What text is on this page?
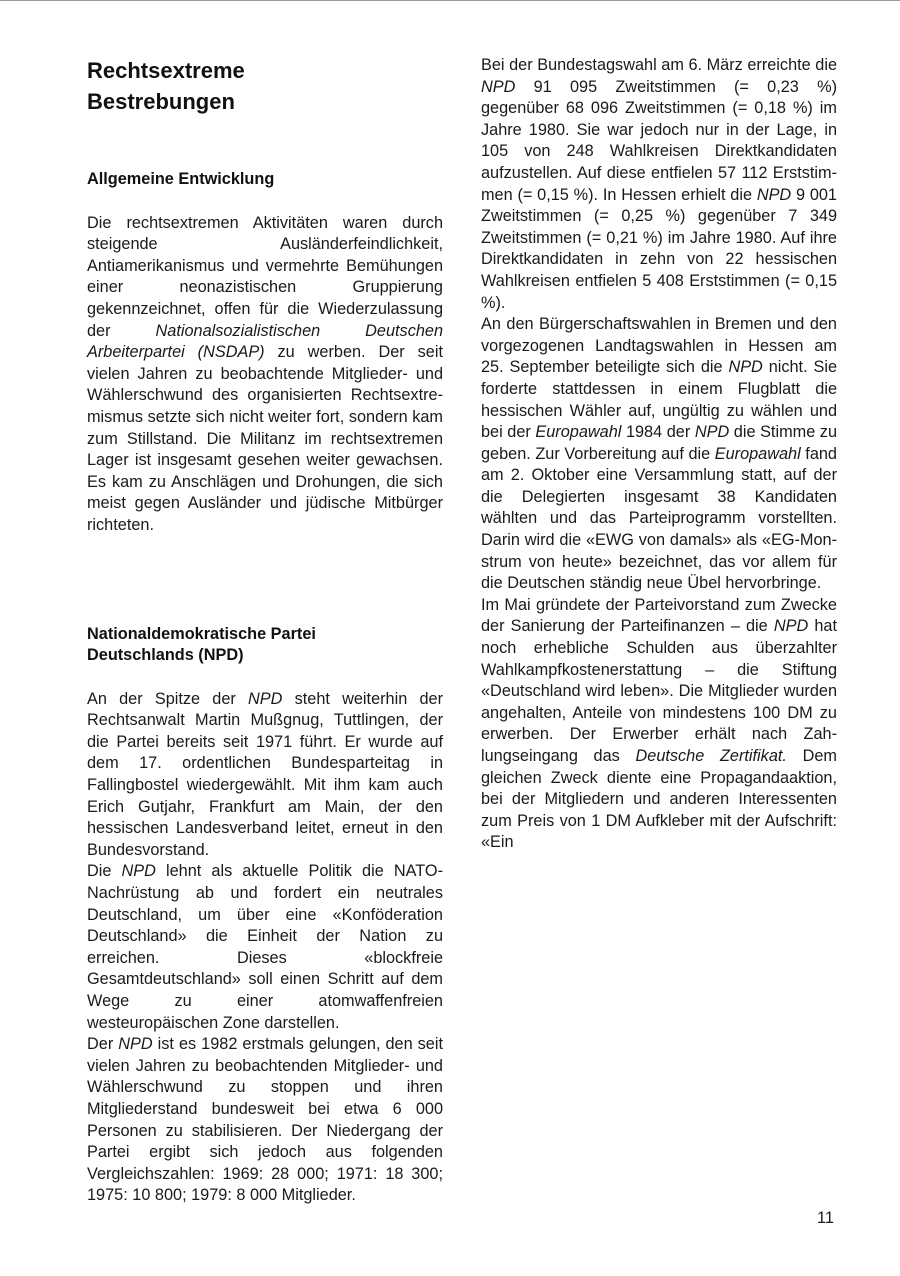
Rechtsextreme
Bestrebungen
Allgemeine Entwicklung

Die rechtsextremen Aktivitäten waren durch steigende Ausländerfeindlichkeit, Antiamerikanismus und vermehrte Bemühungen einer neonazistischen Gruppierung gekennzeichnet, offen für die Wiederzulassung der Nationalsozialistischen Deutschen Arbeiterpartei (NSDAP) zu werben. Der seit vielen Jahren zu beobachtende Mitglieder- und Wählerschwund des organisierten Rechtsextremismus setzte sich nicht weiter fort, sondern kam zum Stillstand. Die Militanz im rechtsextremen Lager ist insgesamt gesehen weiter gewachsen. Es kam zu Anschlägen und Drohungen, die sich meist gegen Ausländer und jüdische Mitbürger richteten.

Nationaldemokratische Partei
Deutschlands (NPD)

An der Spitze der NPD steht weiterhin der Rechtsanwalt Martin Mußgnug, Tuttlingen, der die Partei bereits seit 1971 führt. Er wurde auf dem 17. ordentlichen Bundesparteitag in Fallingbostel wiedergewählt. Mit ihm kam auch Erich Gutjahr, Frankfurt am Main, der den hessischen Landesverband leitet, erneut in den Bundesvorstand.

Die NPD lehnt als aktuelle Politik die NATO-Nachrüstung ab und fordert ein neutrales Deutschland, um über eine «Konföderation Deutschland» die Einheit der Nation zu erreichen. Dieses «blockfreie Gesamtdeutschland» soll einen Schritt auf dem Wege zu einer atomwaffenfreien westeuropäischen Zone darstellen.

Der NPD ist es 1982 erstmals gelungen, den seit vielen Jahren zu beobachtenden Mitglieder- und Wählerschwund zu stoppen und ihren Mitgliederstand bundesweit bei etwa 6 000 Personen zu stabilisieren. Der Niedergang der Partei ergibt sich jedoch aus folgenden Vergleichszahlen: 1969: 28 000; 1971: 18 300; 1975: 10 800; 1979: 8 000 Mitglieder.

Bei der Bundestagswahl am 6. März erreichte die NPD 91 095 Zweitstimmen (= 0,23 %) gegenüber 68 096 Zweitstimmen (= 0,18 %) im Jahre 1980. Sie war jedoch nur in der Lage, in 105 von 248 Wahlkreisen Direktkandidaten aufzustellen. Auf diese entfielen 57 112 Erststimmen (= 0,15 %). In Hessen erhielt die NPD 9 001 Zweitstimmen (= 0,25 %) gegenüber 7 349 Zweitstimmen (= 0,21 %) im Jahre 1980. Auf ihre Direktkandidaten in zehn von 22 hessischen Wahlkreisen entfielen 5 408 Erststimmen (= 0,15 %).

An den Bürgerschaftswahlen in Bremen und den vorgezogenen Landtagswahlen in Hessen am 25. September beteiligte sich die NPD nicht. Sie forderte stattdessen in einem Flugblatt die hessischen Wähler auf, ungültig zu wählen und bei der Europawahl 1984 der NPD die Stimme zu geben. Zur Vorbereitung auf die Europawahl fand am 2. Oktober eine Versammlung statt, auf der die Delegierten insgesamt 38 Kandidaten wählten und das Parteiprogramm vorstellten. Darin wird die «EWG von damals» als «EG-Monstrum von heute» bezeichnet, das vor allem für die Deutschen ständig neue Übel hervorbringe.

Im Mai gründete der Parteivorstand zum Zwecke der Sanierung der Parteifinanzen – die NPD hat noch erhebliche Schulden aus überzahlter Wahlkampfkostenerstattung – die Stiftung «Deutschland wird leben». Die Mitglieder wurden angehalten, Anteile von mindestens 100 DM zu erwerben. Der Erwerber erhält nach Zahlungseingang das Deutsche Zertifikat. Dem gleichen Zweck diente eine Propagandaaktion, bei der Mitgliedern und anderen Interessenten zum Preis von 1 DM Aufkleber mit der Aufschrift: «Ein

11
